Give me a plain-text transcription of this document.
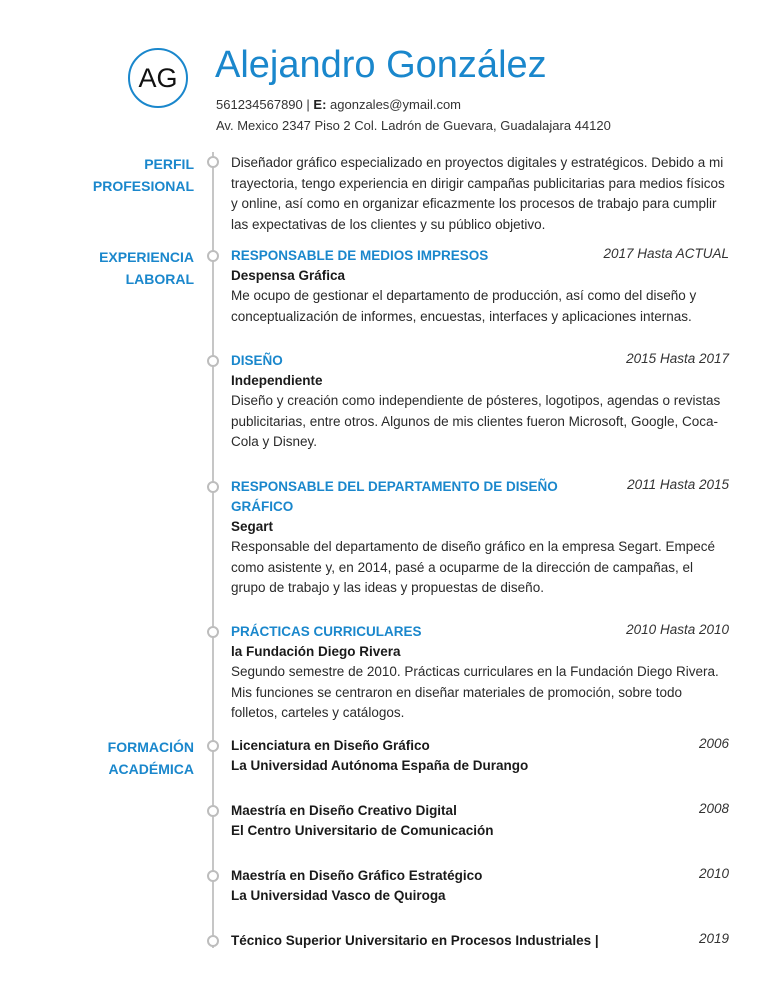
AG Alejandro González
561234567890 | E: agonzales@ymail.com
Av. Mexico 2347 Piso 2 Col. Ladrón de Guevara, Guadalajara 44120
PERFIL
PROFESIONAL
Diseñador gráfico especializado en proyectos digitales y estratégicos. Debido a mi trayectoria, tengo experiencia en dirigir campañas publicitarias para medios físicos y online, así como en organizar eficazmente los procesos de trabajo para cumplir las expectativas de los clientes y su público objetivo.
EXPERIENCIA
LABORAL
RESPONSABLE DE MEDIOS IMPRESOS	2017 Hasta ACTUAL
Despensa Gráfica
Me ocupo de gestionar el departamento de producción, así como del diseño y conceptualización de informes, encuestas, interfaces y aplicaciones internas.
DISEÑO	2015 Hasta 2017
Independiente
Diseño y creación como independiente de pósteres, logotipos, agendas o revistas publicitarias, entre otros. Algunos de mis clientes fueron Microsoft, Google, Coca-Cola y Disney.
RESPONSABLE DEL DEPARTAMENTO DE DISEÑO GRÁFICO
2011 Hasta 2015
Segart
Responsable del departamento de diseño gráfico en la empresa Segart. Empecé como asistente y, en 2014, pasé a ocuparme de la dirección de campañas, el grupo de trabajo y las ideas y propuestas de diseño.
PRÁCTICAS CURRICULARES	2010 Hasta 2010
la Fundación Diego Rivera
Segundo semestre de 2010. Prácticas curriculares en la Fundación Diego Rivera. Mis funciones se centraron en diseñar materiales de promoción, sobre todo folletos, carteles y catálogos.
FORMACIÓN
ACADÉMICA
Licenciatura en Diseño Gráfico	2006
La Universidad Autónoma España de Durango
Maestría en Diseño Creativo Digital	2008
El Centro Universitario de Comunicación
Maestría en Diseño Gráfico Estratégico	2010
La Universidad Vasco de Quiroga
Técnico Superior Universitario en Procesos Industriales |	2019
